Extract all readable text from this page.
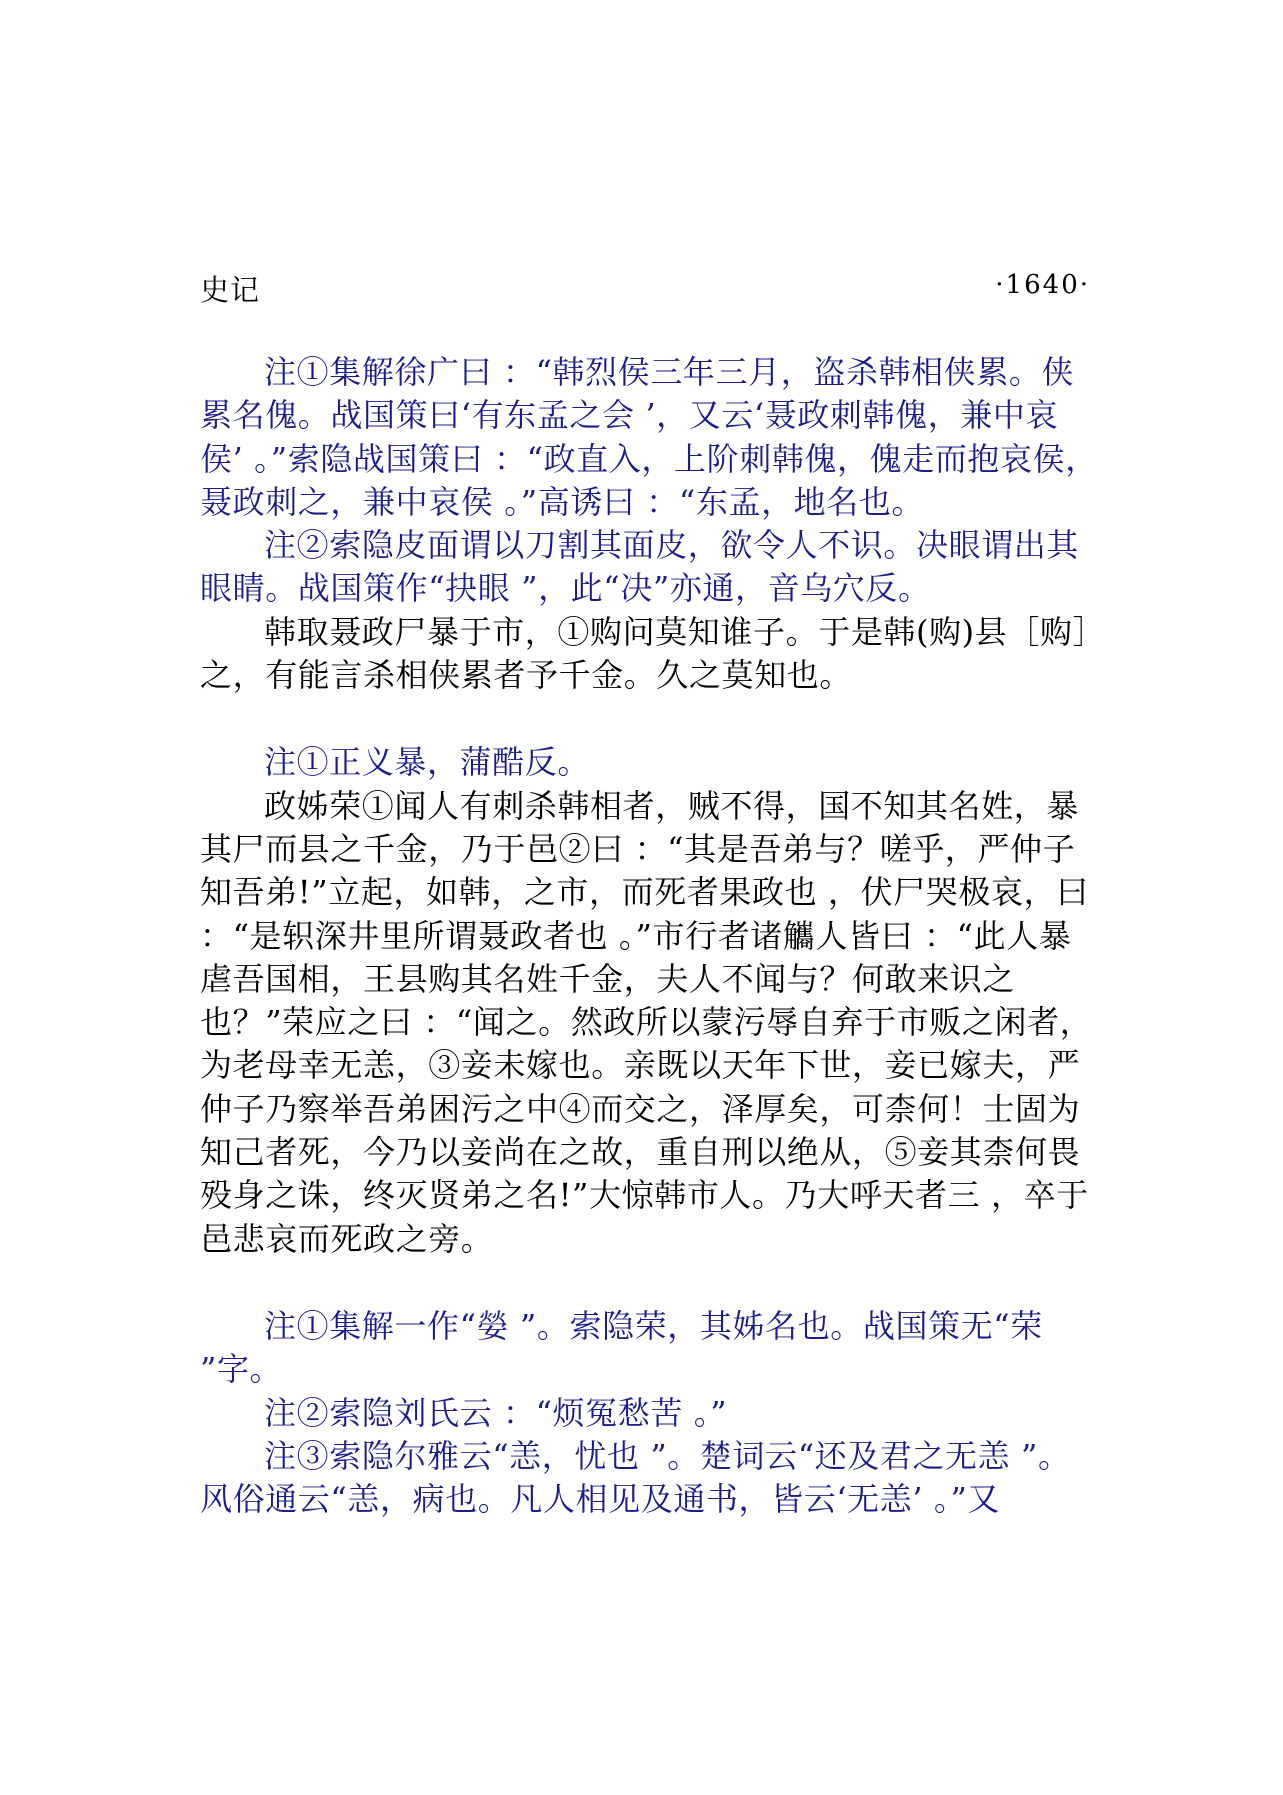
史记	·1640·

注①集解徐广曰 ：“韩烈侯三年三月，盗杀韩相侠累。侠累名傀。战国策曰‘有东孟之会 ’，又云‘聂政刺韩傀，兼中哀侯’ 。”索隐战国策曰 ：“政直入，上阶刺韩傀，傀走而抱哀侯，聂政刺之，兼中哀侯 。”高诱曰 ：“东孟，地名也。

注②索隐皮面谓以刀割其面皮，欲令人不识。决眼谓出其眼睛。战国策作“抉眼 ”，此“决”亦通，音乌穴反。

韩取聂政尸暴于市，①购问莫知谁子。于是韩(购)县［购］之，有能言杀相侠累者予千金。久之莫知也。

注①正义暴，蒲酷反。

政姊荣①闻人有刺杀韩相者，贼不得，国不知其名姓，暴其尸而县之千金，乃于邑②曰 ：“其是吾弟与？嗟乎，严仲子知吾弟!”立起，如韩，之市，而死者果政也 ，伏尸哭极哀，曰 ：“是轵深井里所谓聂政者也 。”市行者诸觿人皆曰 ：“此人暴虐吾国相，王县购其名姓千金，夫人不闻与？何敢来识之也？”荣应之曰 ：“闻之。然政所以蒙污辱自弃于市贩之闲者，为老母幸无恙，③妾未嫁也。亲既以天年下世，妾已嫁夫，严仲子乃察举吾弟困污之中④而交之，泽厚矣，可柰何！士固为知己者死，今乃以妾尚在之故，重自刑以绝从，⑤妾其柰何畏殁身之诛，终灭贤弟之名!”大惊韩市人。乃大呼天者三 ，卒于邑悲哀而死政之旁。

注①集解一作“嫈 ”。索隐荣，其姊名也。战国策无“荣 ”字。

注②索隐刘氏云 ：“烦冤愁苦 。”

注③索隐尔雅云“恙，忧也 ”。楚词云“还及君之无恙 ”。风俗通云“恙，病也。凡人相见及通书，皆云‘无恙’ 。”又
